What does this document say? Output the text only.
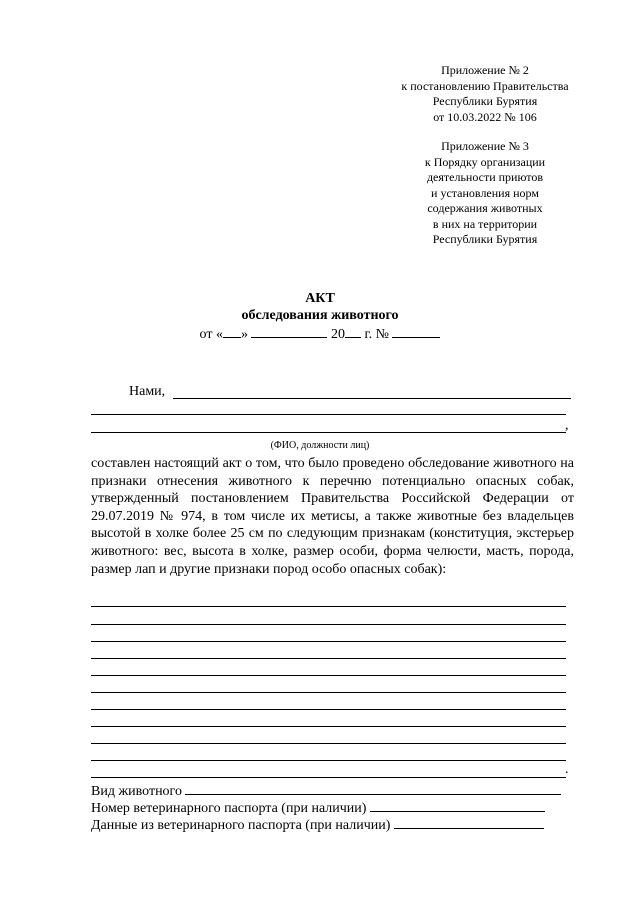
Приложение № 2
к постановлению Правительства
Республики Бурятия
от 10.03.2022 № 106
Приложение № 3
к Порядку организации
деятельности приютов
и установления норм
содержания животных
в них на территории
Республики Бурятия
АКТ
обследования животного
от « »	20 г. №
Нами,
,
(ФИО, должности лиц)
составлен настоящий акт о том, что было проведено обследование животного на признаки отнесения животного к перечню потенциально опасных собак, утвержденный постановлением Правительства Российской Федерации от 29.07.2019 № 974, в том числе их метисы, а также животные без владельцев высотой в холке более 25 см по следующим признакам (конституция, экстерьер животного: вес, высота в холке, размер особи, форма челюсти, масть, порода, размер лап и другие признаки пород особо опасных собак):
.
Вид животного
Номер ветеринарного паспорта (при наличии)
Данные из ветеринарного паспорта (при наличии)
